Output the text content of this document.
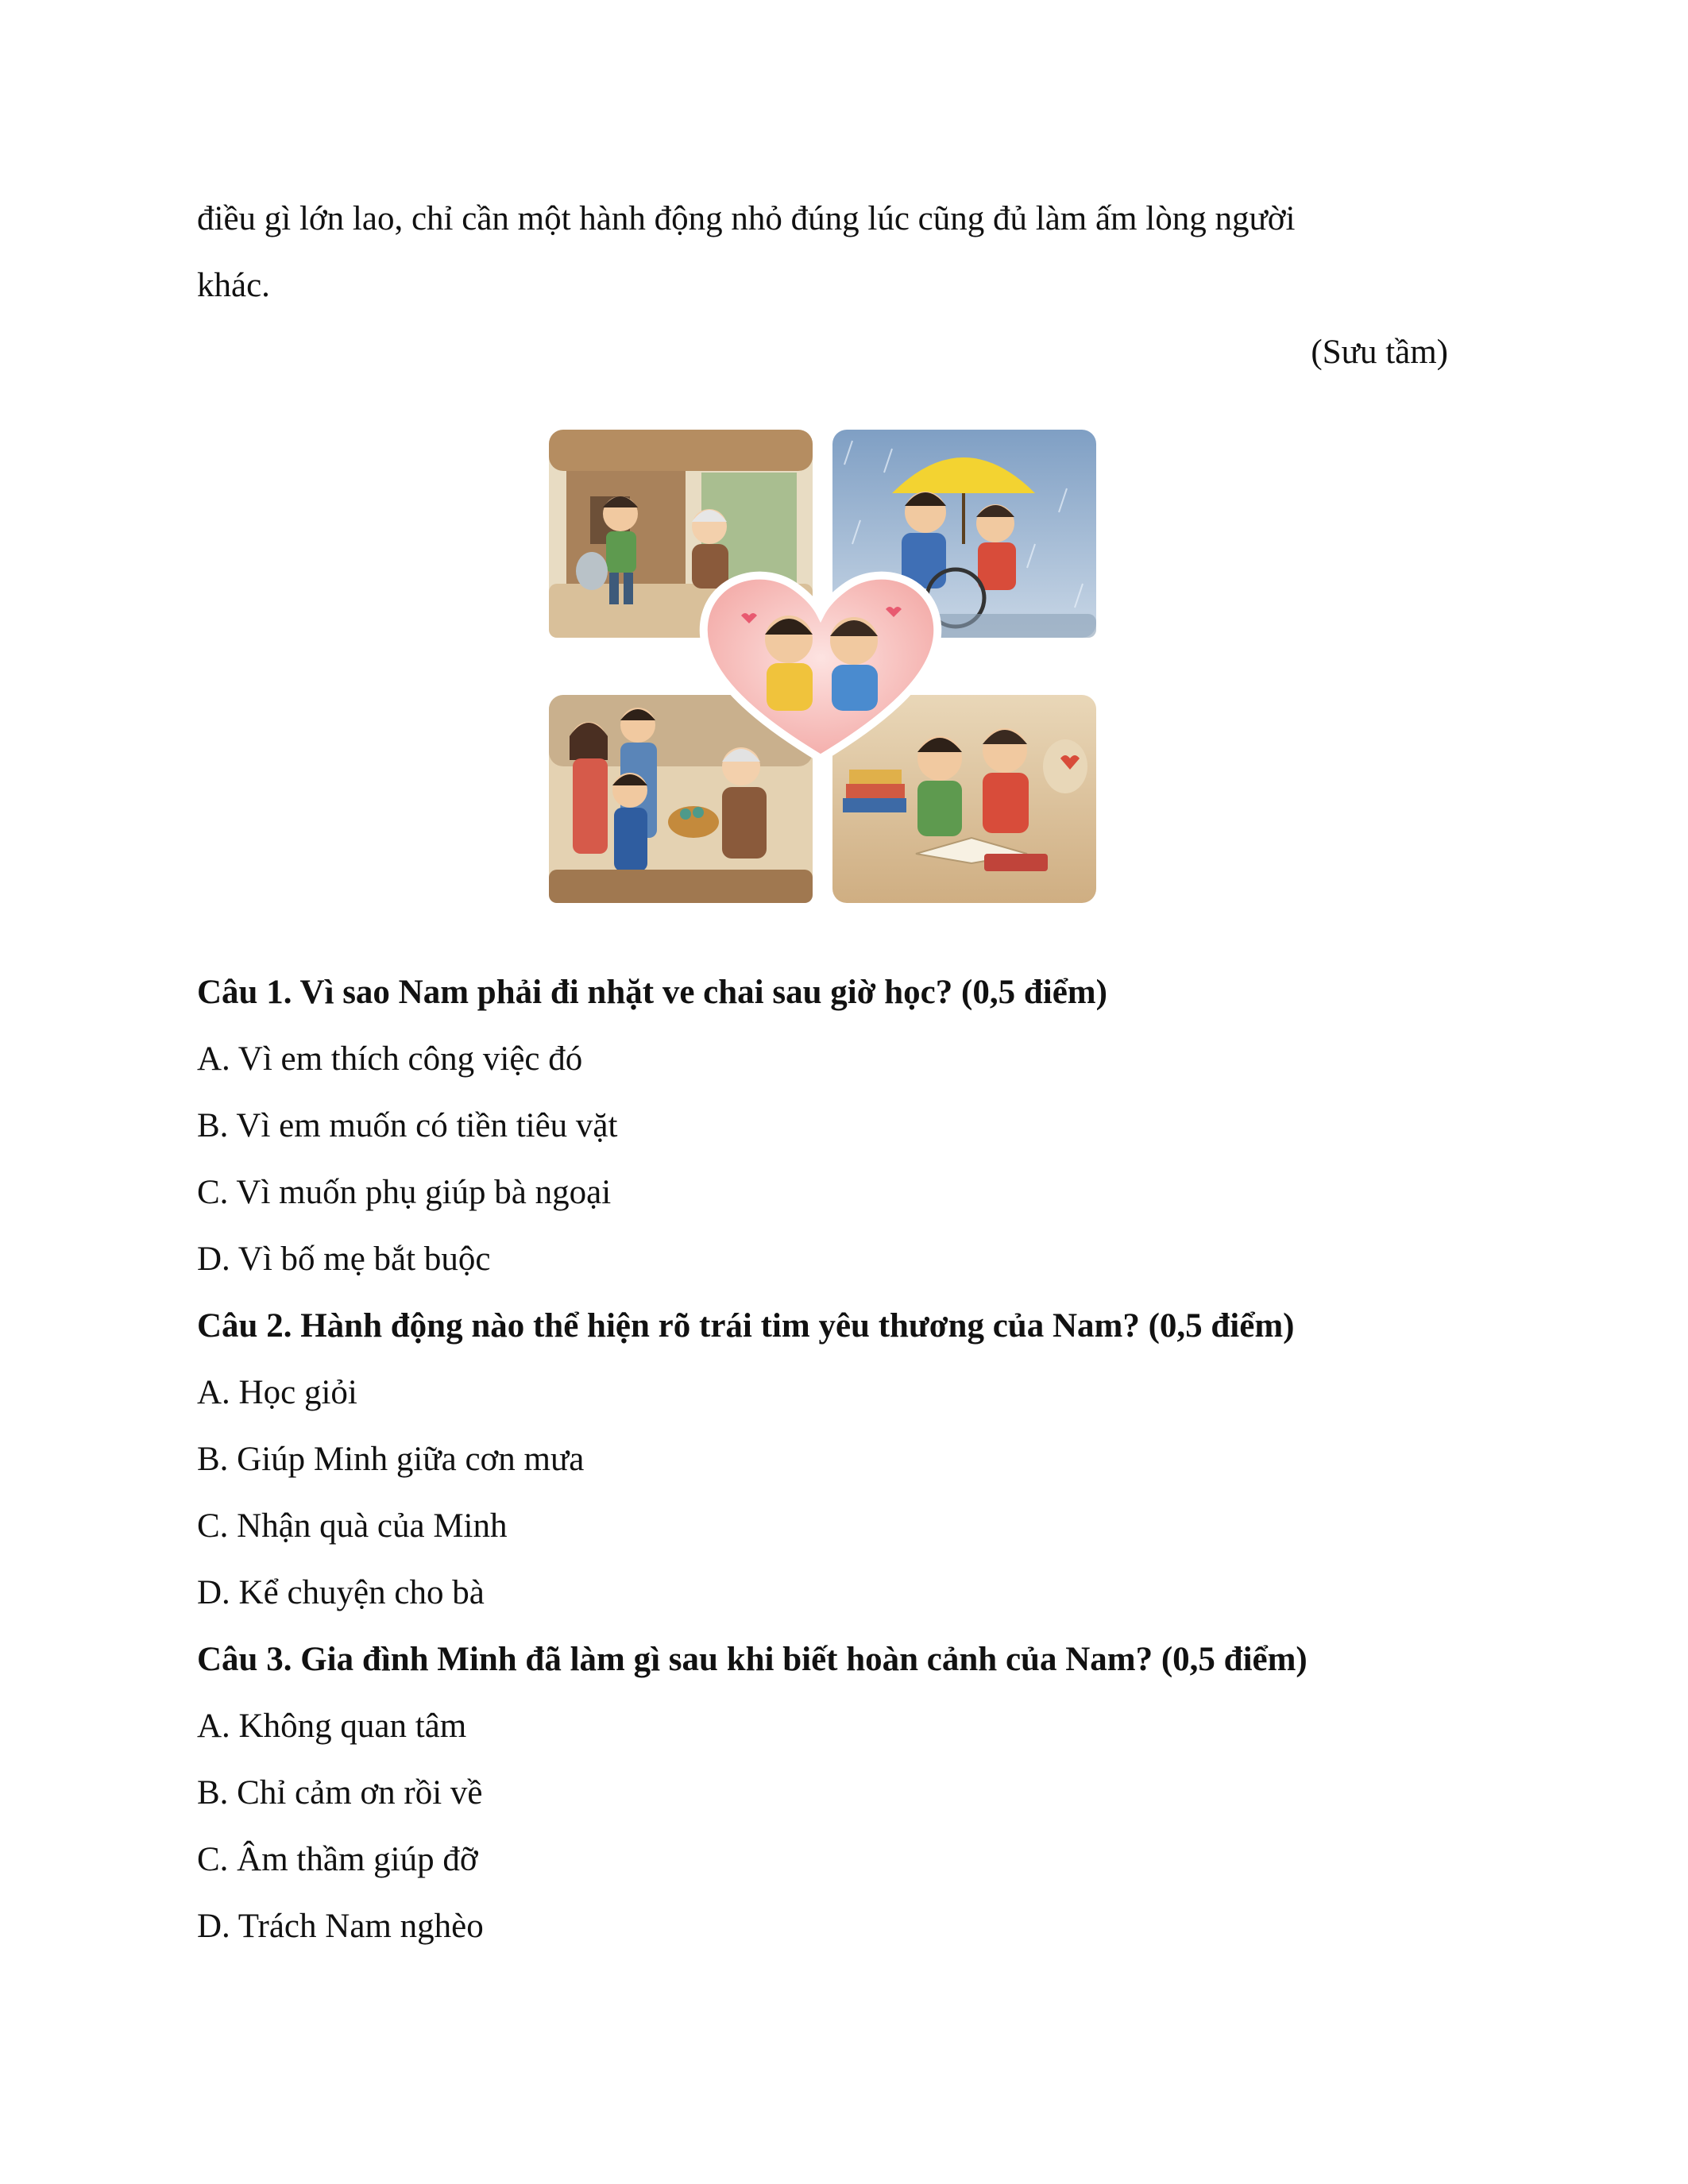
điều gì lớn lao, chỉ cần một hành động nhỏ đúng lúc cũng đủ làm ấm lòng người
khác.
(Sưu tầm)
Câu 1. Vì sao Nam phải đi nhặt ve chai sau giờ học? (0,5 điểm)
A. Vì em thích công việc đó
B. Vì em muốn có tiền tiêu vặt
C. Vì muốn phụ giúp bà ngoại
D. Vì bố mẹ bắt buộc
Câu 2. Hành động nào thể hiện rõ trái tim yêu thương của Nam? (0,5 điểm)
A. Học giỏi
B. Giúp Minh giữa cơn mưa
C. Nhận quà của Minh
D. Kể chuyện cho bà
Câu 3. Gia đình Minh đã làm gì sau khi biết hoàn cảnh của Nam? (0,5 điểm)
A. Không quan tâm
B. Chỉ cảm ơn rồi về
C. Âm thầm giúp đỡ
D. Trách Nam nghèo
